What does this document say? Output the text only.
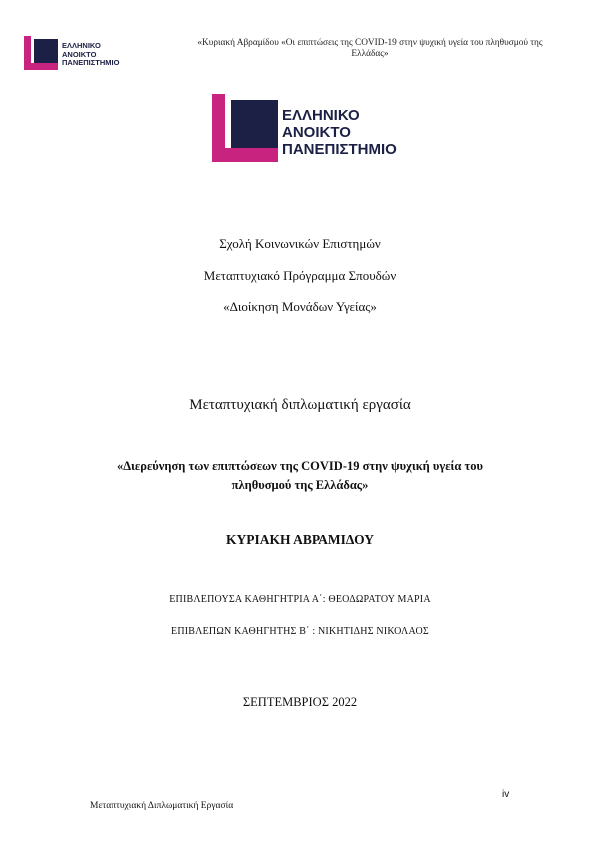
ΕΛΛΗΝΙΚΟ
ΑΝΟΙΚΤΟ
ΠΑΝΕΠΙΣΤΗΜΙΟ
«Κυριακή Αβραμίδου «Οι επιπτώσεις της COVID-19 στην ψυχική υγεία του πληθυσμού της
Ελλάδας»
ΕΛΛΗΝΙΚΟ
ΑΝΟΙΚΤΟ
ΠΑΝΕΠΙΣΤΗΜΙΟ
Σχολή Κοινωνικών Επιστημών
Μεταπτυχιακό Πρόγραμμα Σπουδών
«Διοίκηση Μονάδων Υγείας»
Μεταπτυχιακή διπλωματική εργασία
«Διερεύνηση των επιπτώσεων της COVID-19 στην ψυχική υγεία του
πληθυσμού της Ελλάδας»
ΚΥΡΙΑΚΗ ΑΒΡΑΜΙΔΟΥ
ΕΠΙΒΛΕΠΟΥΣΑ ΚΑΘΗΓΗΤΡΙΑ Α΄: ΘΕΟΔΩΡΑΤΟΥ ΜΑΡΙΑ
ΕΠΙΒΛΕΠΩΝ ΚΑΘΗΓΗΤΗΣ Β΄ : ΝΙΚΗΤΙΔΗΣ ΝΙΚΟΛΑΟΣ
ΣΕΠΤΕΜΒΡΙΟΣ 2022
iv
Μεταπτυχιακή Διπλωματική Εργασία
